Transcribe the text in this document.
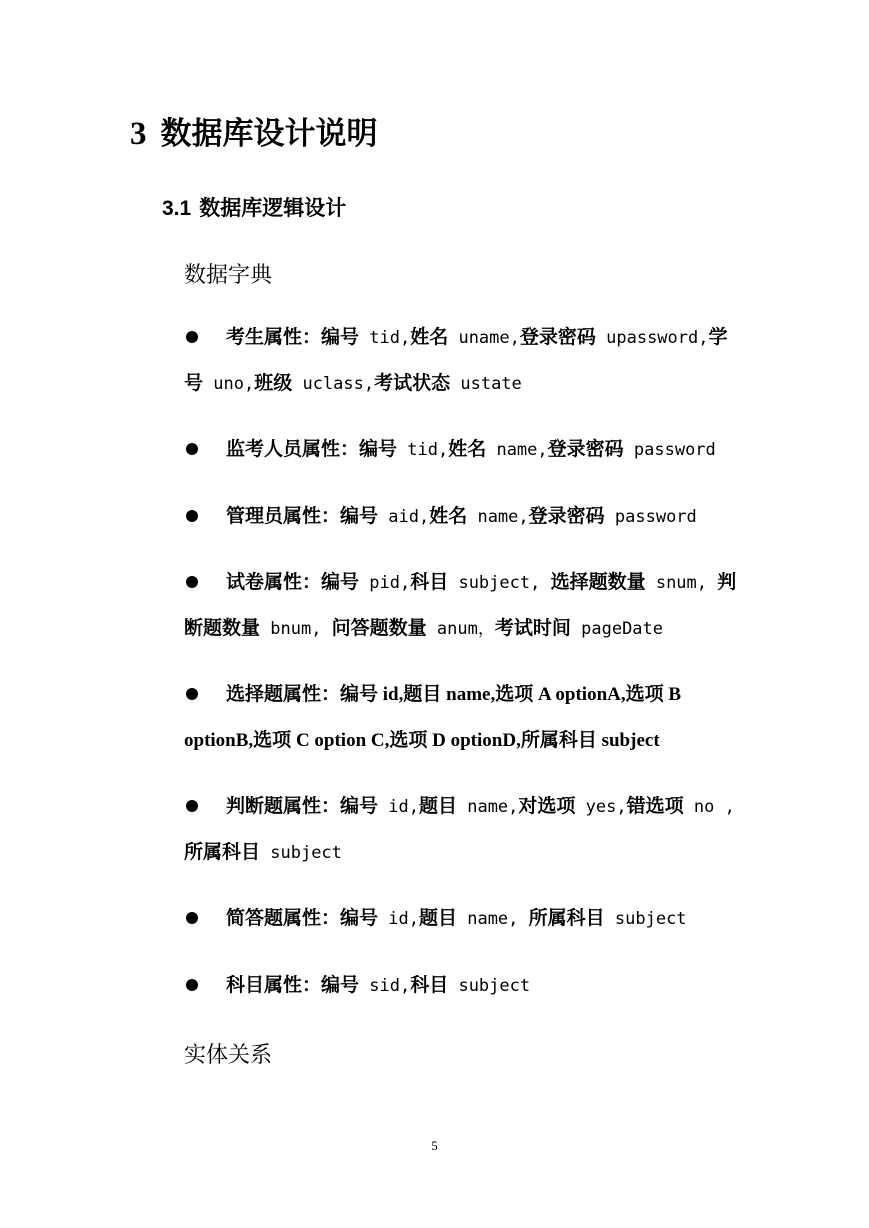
3 数据库设计说明
3.1 数据库逻辑设计
数据字典
考生属性：编号 tid,姓名 uname,登录密码 upassword,学
号 uno,班级 uclass,考试状态 ustate
监考人员属性：编号 tid,姓名 name,登录密码 password
管理员属性：编号 aid,姓名 name,登录密码 password
试卷属性：编号 pid,科目 subject, 选择题数量 snum, 判
断题数量 bnum, 问答题数量 anum，考试时间 pageDate
选择题属性：编号 id,题目 name,选项 A optionA,选项 B
optionB,选项 C option C,选项 D optionD,所属科目 subject
判断题属性：编号 id,题目 name,对选项 yes,错选项 no ,
所属科目 subject
简答题属性：编号 id,题目 name, 所属科目 subject
科目属性：编号 sid,科目 subject
实体关系
5
